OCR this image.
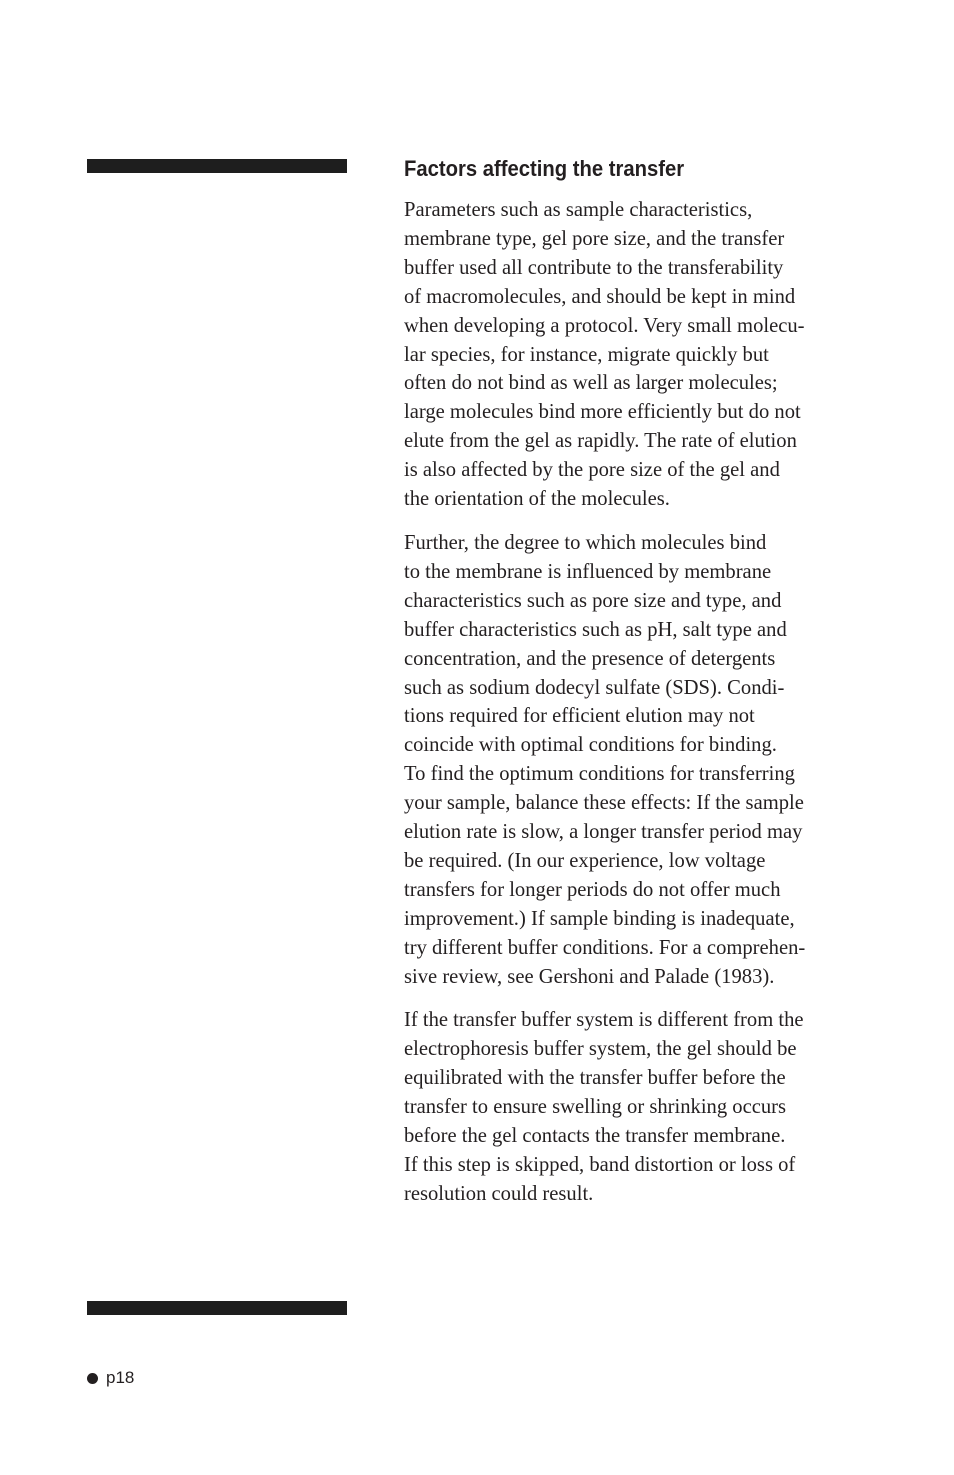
Factors affecting the transfer

Parameters such as sample characteristics,
membrane type, gel pore size, and the transfer
buffer used all contribute to the transferability
of macromolecules, and should be kept in mind
when developing a protocol. Very small molecu-
lar species, for instance, migrate quickly but
often do not bind as well as larger molecules;
large molecules bind more efficiently but do not
elute from the gel as rapidly. The rate of elution
is also affected by the pore size of the gel and
the orientation of the molecules.

Further, the degree to which molecules bind
to the membrane is influenced by membrane
characteristics such as pore size and type, and
buffer characteristics such as pH, salt type and
concentration, and the presence of detergents
such as sodium dodecyl sulfate (SDS). Condi-
tions required for efficient elution may not
coincide with optimal conditions for binding.
To find the optimum conditions for transferring
your sample, balance these effects: If the sample
elution rate is slow, a longer transfer period may
be required. (In our experience, low voltage
transfers for longer periods do not offer much
improvement.) If sample binding is inadequate,
try different buffer conditions. For a comprehen-
sive review, see Gershoni and Palade (1983).

If the transfer buffer system is different from the
electrophoresis buffer system, the gel should be
equilibrated with the transfer buffer before the
transfer to ensure swelling or shrinking occurs
before the gel contacts the transfer membrane.
If this step is skipped, band distortion or loss of
resolution could result.

p18
